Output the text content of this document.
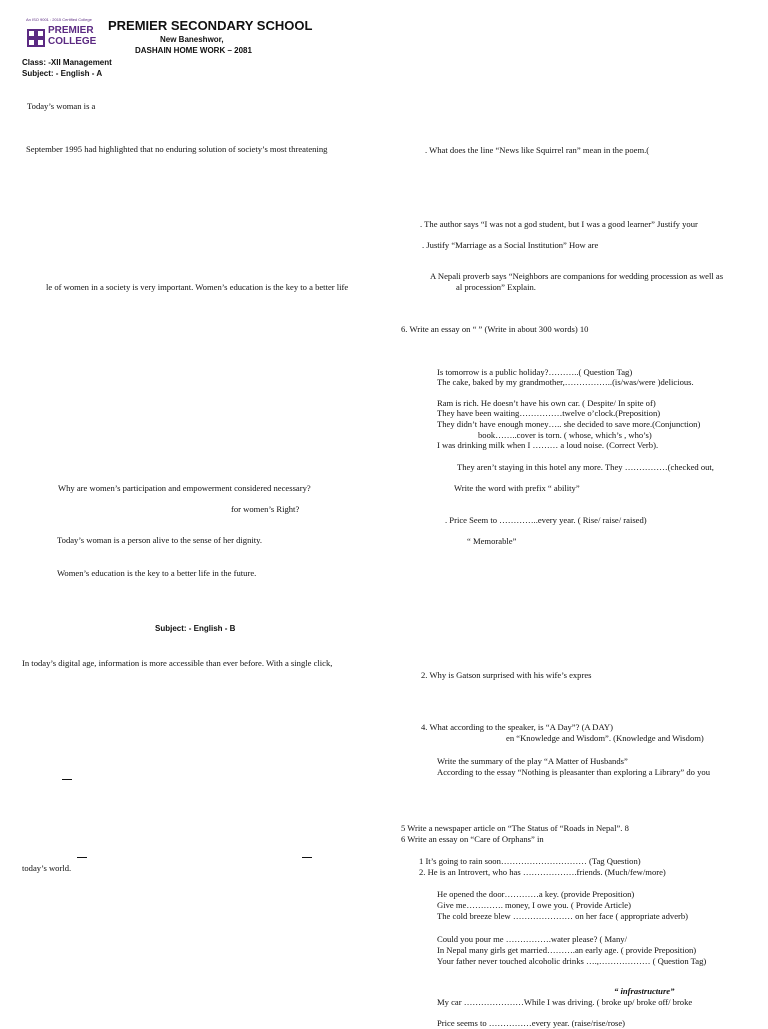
An ISO 9001 : 2015 Certified College
PREMIER
COLLEGE
PREMIER SECONDARY SCHOOL
New Baneshwor,
DASHAIN HOME WORK – 2081
Class: -XII Management
Subject: - English - A
Today’s woman is a
September 1995 had highlighted that no enduring solution of society’s most threatening
le of women in a society is very important. Women’s education is the key to a better life
Why are women’s participation and empowerment considered necessary?
for women’s Right?
Today’s woman is a person alive to the sense of her dignity.
Women’s education is the key to a better life in the future.
. What does the line “News like Squirrel ran” mean in the poem.(
. The author says “I was not a god student, but I was a good learner” Justify your
. Justify “Marriage as a Social Institution” How are
A Nepali proverb says “Neighbors are companions for wedding procession as well as
al procession” Explain.
6. Write an essay on “ ” (Write in about 300 words) 10
Is tomorrow is a public holiday?………..( Question Tag)
The cake, baked by my grandmother,……………..(is/was/were )delicious.
Ram is rich. He doesn’t have his own car. ( Despite/ In spite of)
They have been waiting……………twelve o’clock.(Preposition)
They didn’t have enough money….. she decided to save more.(Conjunction)
book……..cover is torn. ( whose, which’s , who’s)
I was drinking milk when I ……… a loud noise. (Correct Verb).
They aren’t staying in this hotel any more. They ……………(checked out,
Write the word with prefix “ ability”
. Price Seem to …………..every year. ( Rise/ raise/ raised)
“ Memorable”
Subject: - English - B
In today’s digital age, information is more accessible than ever before. With a single click,
today’s world.
2. Why is Gatson surprised with his wife’s expres
4. What according to the speaker, is “A Day”? (A DAY)
en “Knowledge and Wisdom”. (Knowledge and Wisdom)
Write the summary of the play “A Matter of Husbands”
According to the essay “Nothing is pleasanter than exploring a Library” do you
5 Write a newspaper article on “The Status of “Roads in Nepal”. 8
6 Write an essay on “Care of Orphans” in
1 It’s going to rain soon………………………… (Tag Question)
2. He is an Introvert, who has ……………….friends. (Much/few/more)
He opened the door…………a key. (provide Preposition)
Give me…………. money, I owe you. ( Provide Article)
The cold breeze blew ………………… on her face ( appropriate adverb)
Could you pour me …………….water please? ( Many/
In Nepal many girls get married……….an early age. ( provide Preposition)
Your father never touched alcoholic drinks ….,……………… ( Question Tag)
“ infrastructure”
My car …………………While I was driving. ( broke up/ broke off/ broke
Price seems to ……………every year. (raise/rise/rose)
